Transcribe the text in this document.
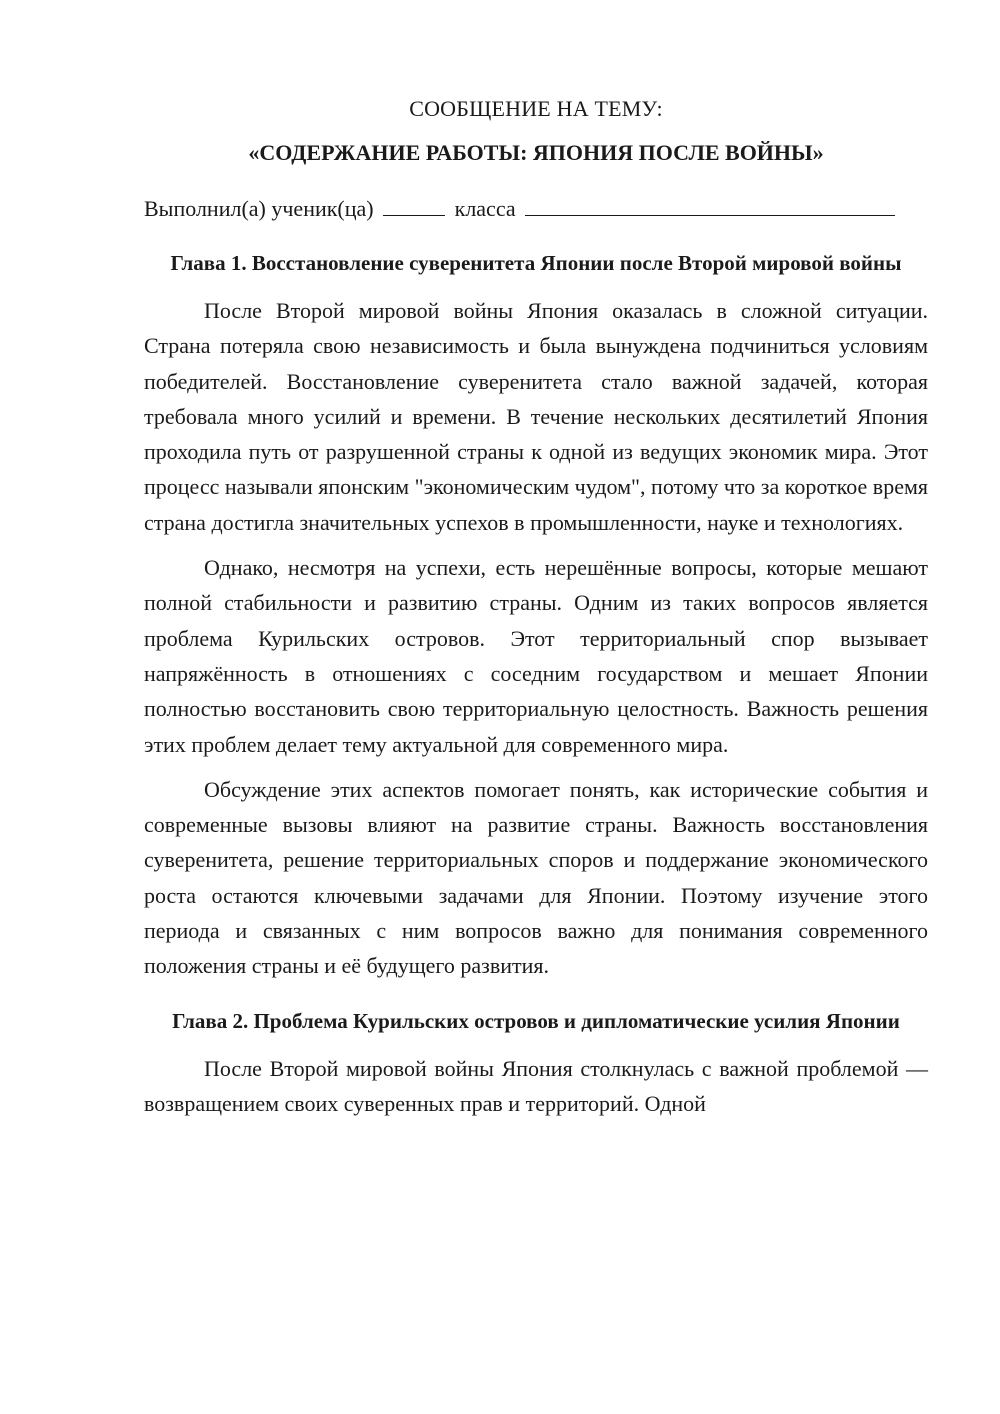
СООБЩЕНИЕ НА ТЕМУ:
«СОДЕРЖАНИЕ РАБОТЫ: ЯПОНИЯ ПОСЛЕ ВОЙНЫ»
Выполнил(а) ученик(ца)	класса
Глава 1. Восстановление суверенитета Японии после Второй мировой войны

После Второй мировой войны Япония оказалась в сложной ситуации. Страна потеряла свою независимость и была вынуждена подчиниться условиям победителей. Восстановление суверенитета стало важной задачей, которая требовала много усилий и времени. В течение нескольких десятилетий Япония проходила путь от разрушенной страны к одной из ведущих экономик мира. Этот процесс называли японским "экономическим чудом", потому что за короткое время страна достигла значительных успехов в промышленности, науке и технологиях.

Однако, несмотря на успехи, есть нерешённые вопросы, которые мешают полной стабильности и развитию страны. Одним из таких вопросов является проблема Курильских островов. Этот территориальный спор вызывает напряжённость в отношениях с соседним государством и мешает Японии полностью восстановить свою территориальную целостность. Важность решения этих проблем делает тему актуальной для современного мира.

Обсуждение этих аспектов помогает понять, как исторические события и современные вызовы влияют на развитие страны. Важность восстановления суверенитета, решение территориальных споров и поддержание экономического роста остаются ключевыми задачами для Японии. Поэтому изучение этого периода и связанных с ним вопросов важно для понимания современного положения страны и её будущего развития.

Глава 2. Проблема Курильских островов и дипломатические усилия Японии

После Второй мировой войны Япония столкнулась с важной проблемой — возвращением своих суверенных прав и территорий. Одной
